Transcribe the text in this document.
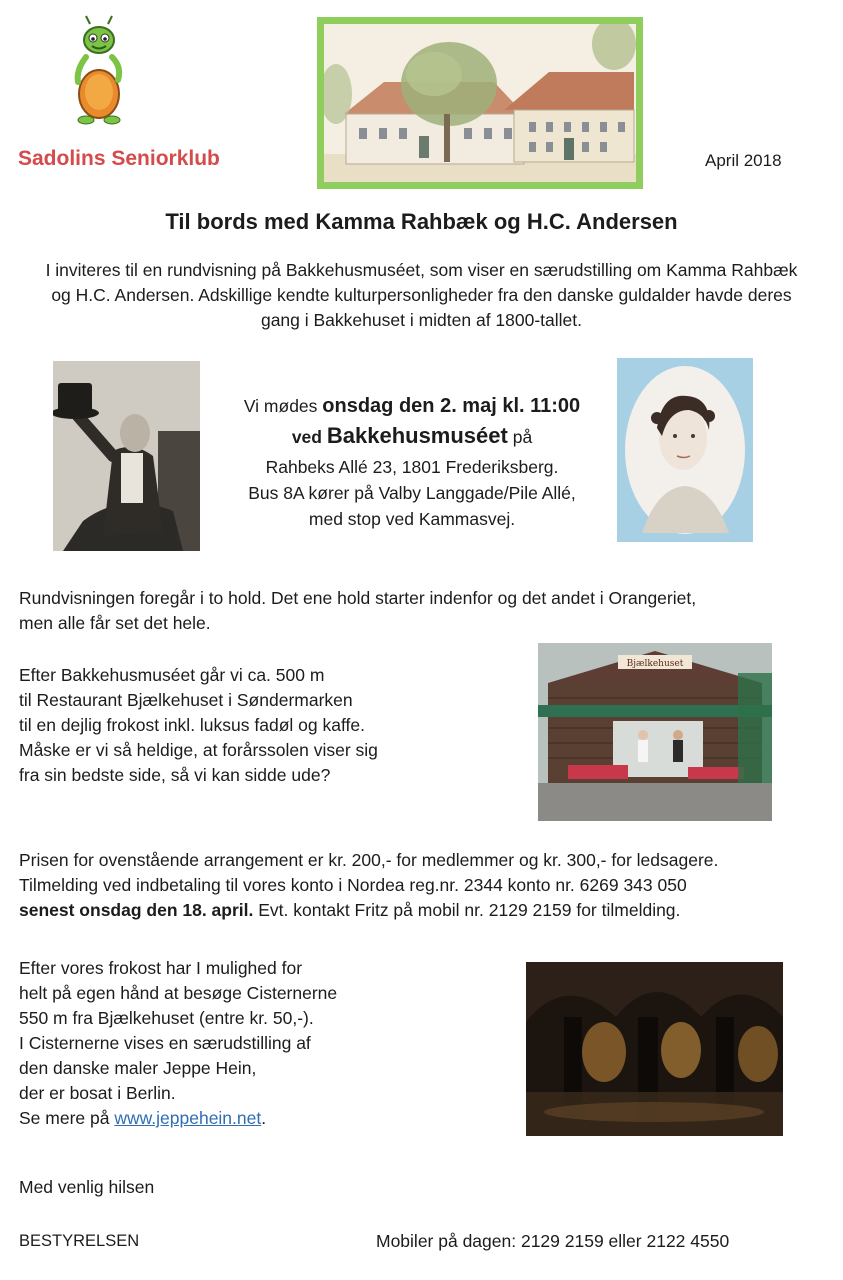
Sadolins Seniorklub	April 2018
Til bords med Kamma Rahbæk og H.C. Andersen
I inviteres til en rundvisning på Bakkehusmuséet, som viser en særudstilling om Kamma Rahbæk og H.C. Andersen. Adskillige kendte kulturpersonligheder fra den danske guldalder havde deres gang i Bakkehuset i midten af 1800-tallet.
Vi mødes onsdag den 2. maj kl. 11:00
ved Bakkehusmuséet på
Rahbeks Allé 23, 1801 Frederiksberg.
Bus 8A kører på Valby Langgade/Pile Allé,
med stop ved Kammasvej.
Rundvisningen foregår i to hold. Det ene hold starter indenfor og det andet i Orangeriet,
men alle får set det hele.
Efter Bakkehusmuséet går vi ca. 500 m
til Restaurant Bjælkehuset i Søndermarken
til en dejlig frokost inkl. luksus fadøl og kaffe.
Måske er vi så heldige, at forårssolen viser sig
fra sin bedste side, så vi kan sidde ude?
Bjælkehuset
Prisen for ovenstående arrangement er kr. 200,- for medlemmer og kr. 300,- for ledsagere.
Tilmelding ved indbetaling til vores konto i Nordea reg.nr. 2344 konto nr. 6269 343 050
senest onsdag den 18. april. Evt. kontakt Fritz på mobil nr. 2129 2159 for tilmelding.
Efter vores frokost har I mulighed for
helt på egen hånd at besøge Cisternerne
550 m fra Bjælkehuset (entre kr. 50,-).
I Cisternerne vises en særudstilling af
den danske maler Jeppe Hein,
der er bosat i Berlin.
Se mere på www.jeppehein.net.
Med venlig hilsen
BESTYRELSEN	Mobiler på dagen: 2129 2159 eller 2122 4550
